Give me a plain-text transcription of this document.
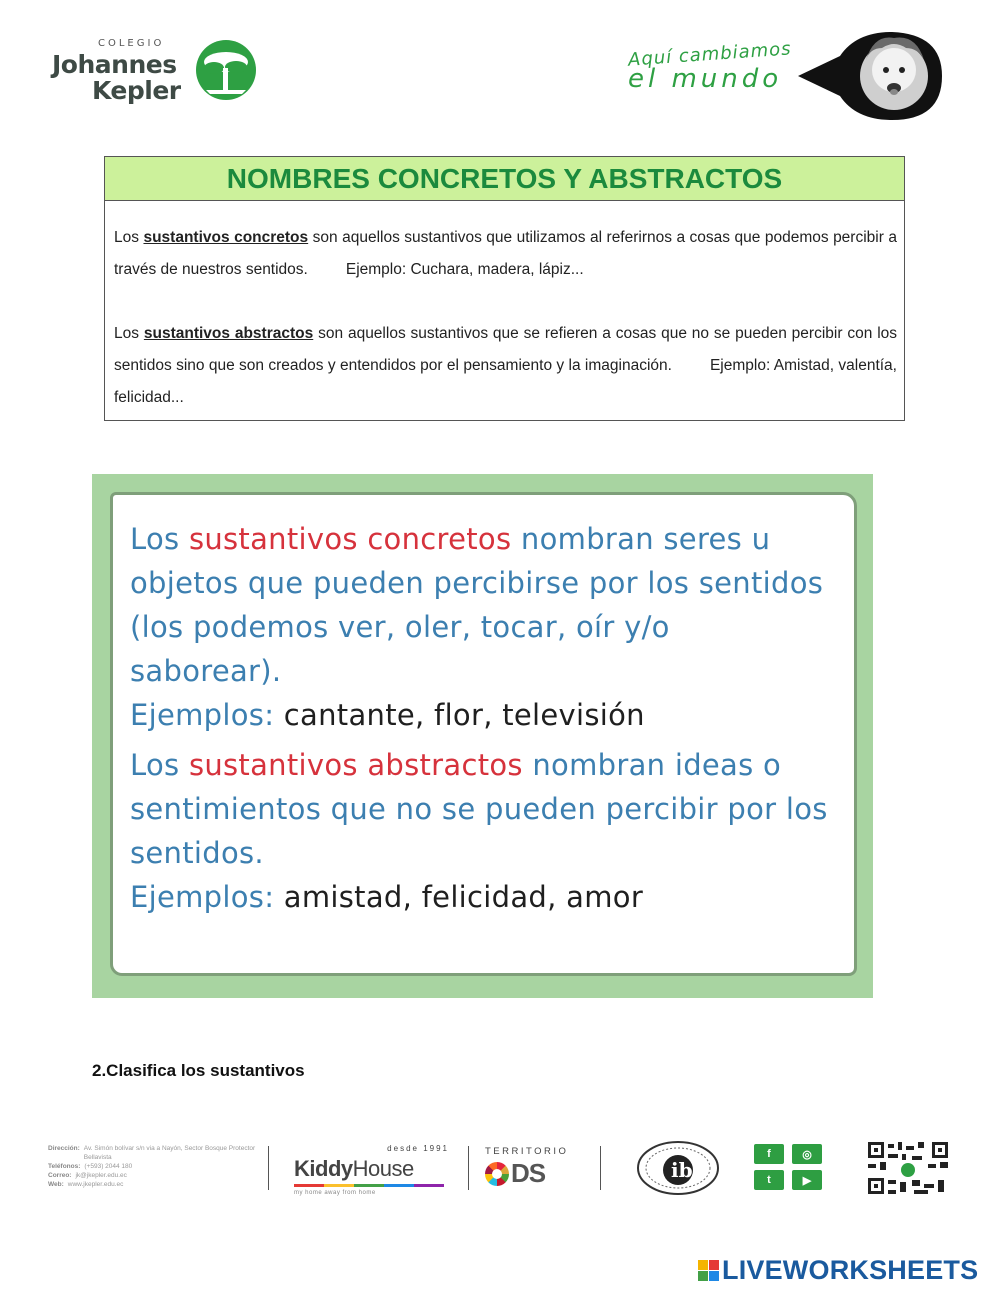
COLEGIO
Johannes
Kepler
Aquí cambiamos
el mundo
NOMBRES CONCRETOS Y ABSTRACTOS

Los sustantivos concretos son aquellos sustantivos que utilizamos al referirnos a cosas que podemos percibir a través de nuestros sentidos. Ejemplo: Cuchara, madera, lápiz...

Los sustantivos abstractos son aquellos sustantivos que se refieren a cosas que no se pueden percibir con los sentidos sino que son creados y entendidos por el pensamiento y la imaginación. Ejemplo: Amistad, valentía, felicidad...

Los sustantivos concretos nombran seres u objetos que pueden percibirse por los sentidos (los podemos ver, oler, tocar, oír y/o saborear).
Ejemplos: cantante, flor, televisión
Los sustantivos abstractos nombran ideas o sentimientos que no se pueden percibir por los sentidos.
Ejemplos: amistad, felicidad, amor
2.Clasifica los sustantivos
Dirección: Av. Simón bolívar s/n via a Nayón, Sector Bosque Protector Bellavista
Teléfonos: (+593) 2044 180
Correo: jk@jkepler.edu.ec
Web: www.jkepler.edu.ec
desde 1991
KiddyHouse
my home away from home
TERRITORIO
DS	ib
f	◎
t	▶
LIVEWORKSHEETS
